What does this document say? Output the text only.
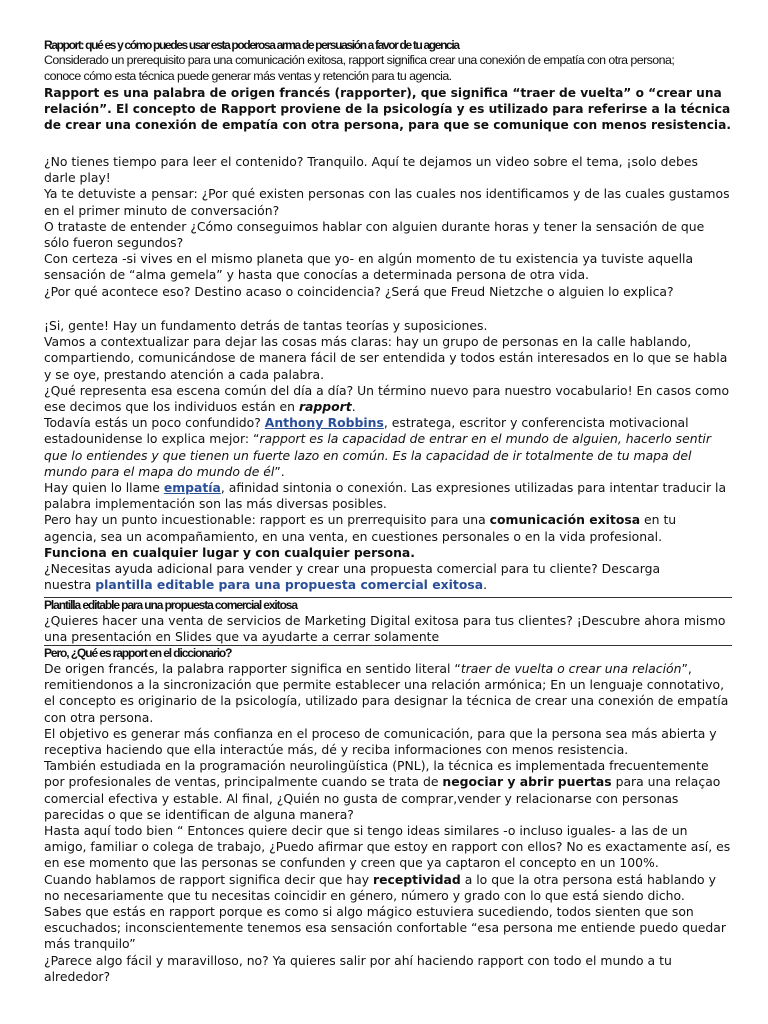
Rapport: qué es y cómo puedes usar esta poderosa arma de persuasión a favor de tu agencia
Considerado un prerequisito para una comunicación exitosa, rapport significa crear una conexión de empatía con otra persona;
conoce cómo esta técnica puede generar más ventas y retención para tu agencia.

Rapport es una palabra de origen francés (rapporter), que significa “traer de vuelta” o “crear una relación”. El concepto de Rapport proviene de la psicología y es utilizado para referirse a la técnica de crear una conexión de empatía con otra persona, para que se comunique con menos resistencia.

¿No tienes tiempo para leer el contenido? Tranquilo. Aquí te dejamos un video sobre el tema, ¡solo debes darle play!
Ya te detuviste a pensar: ¿Por qué existen personas con las cuales nos identificamos y de las cuales gustamos en el primer minuto de conversación?
O trataste de entender ¿Cómo conseguimos hablar con alguien durante horas y tener la sensación de que sólo fueron segundos?
Con certeza -si vives en el mismo planeta que yo- en algún momento de tu existencia ya tuviste aquella sensación de “alma gemela” y hasta que conocías a determinada persona de otra vida.
¿Por qué acontece eso? Destino acaso o coincidencia? ¿Será que Freud Nietzche o alguien lo explica?
¡Si, gente! Hay un fundamento detrás de tantas teorías y suposiciones.
Vamos a contextualizar para dejar las cosas más claras: hay un grupo de personas en la calle hablando, compartiendo, comunicándose de manera fácil de ser entendida y todos están interesados en lo que se habla y se oye, prestando atención a cada palabra.
¿Qué representa esa escena común del día a día? Un término nuevo para nuestro vocabulario! En casos como ese decimos que los individuos están en rapport.
Todavía estás un poco confundido? Anthony Robbins, estratega, escritor y conferencista motivacional estadounidense lo explica mejor: “rapport es la capacidad de entrar en el mundo de alguien, hacerlo sentir que lo entiendes y que tienen un fuerte lazo en común. Es la capacidad de ir totalmente de tu mapa del mundo para el mapa do mundo de él”.
Hay quien lo llame empatía, afinidad sintonia o conexión. Las expresiones utilizadas para intentar traducir la palabra implementación son las más diversas posibles.
Pero hay un punto incuestionable: rapport es un prerrequisito para una comunicación exitosa en tu agencia, sea un acompañamiento, en una venta, en cuestiones personales o en la vida profesional.
Funciona en cualquier lugar y con cualquier persona.
¿Necesitas ayuda adicional para vender y crear una propuesta comercial para tu cliente? Descarga
nuestra plantilla editable para una propuesta comercial exitosa.
Plantilla editable para una propuesta comercial exitosa

¿Quieres hacer una venta de servicios de Marketing Digital exitosa para tus clientes? ¡Descubre ahora mismo una presentación en Slides que va ayudarte a cerrar solamente

Pero, ¿Qué es rapport en el diccionario?
De origen francés, la palabra rapporter significa en sentido literal “traer de vuelta o crear una relación”, remitiendonos a la sincronización que permite establecer una relación armónica; En un lenguaje connotativo, el concepto es originario de la psicología, utilizado para designar la técnica de crear una conexión de empatía con otra persona.
El objetivo es generar más confianza en el proceso de comunicación, para que la persona sea más abierta y receptiva haciendo que ella interactúe más, dé y reciba informaciones con menos resistencia.
También estudiada en la programación neurolingüística (PNL), la técnica es implementada frecuentemente por profesionales de ventas, principalmente cuando se trata de negociar y abrir puertas para una relaçao comercial efectiva y estable. Al final, ¿Quién no gusta de comprar,vender y relacionarse con personas parecidas o que se identifican de alguna manera?
Hasta aquí todo bien “ Entonces quiere decir que si tengo ideas similares -o incluso iguales- a las de un amigo, familiar o colega de trabajo, ¿Puedo afirmar que estoy en rapport con ellos? No es exactamente así, es en ese momento que las personas se confunden y creen que ya captaron el concepto en un 100%.
Cuando hablamos de rapport significa decir que hay receptividad a lo que la otra persona está hablando y no necesariamente que tu necesitas coincidir en género, número y grado con lo que está siendo dicho.
Sabes que estás en rapport porque es como si algo mágico estuviera sucediendo, todos sienten que son escuchados; inconscientemente tenemos esa sensación confortable “esa persona me entiende puedo quedar más tranquilo”
¿Parece algo fácil y maravilloso, no? Ya quieres salir por ahí haciendo rapport con todo el mundo a tu alrededor?
